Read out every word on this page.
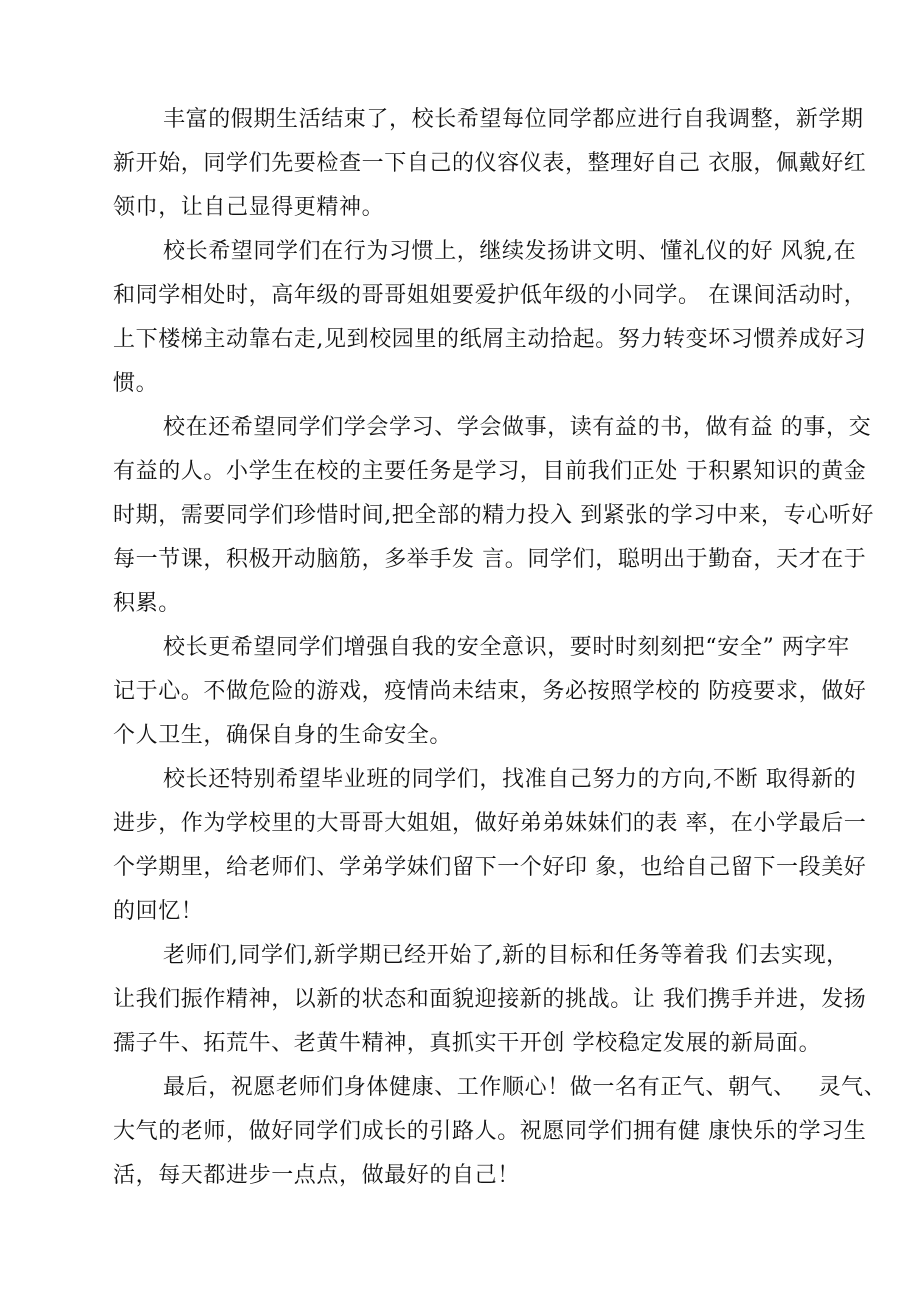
丰富的假期生活结束了，校长希望每位同学都应进行自我调整，新学期
新开始，同学们先要检查一下自己的仪容仪表，整理好自己 衣服，佩戴好红
领巾，让自己显得更精神。
校长希望同学们在行为习惯上，继续发扬讲文明、懂礼仪的好 风貌,在
和同学相处时，高年级的哥哥姐姐要爱护低年级的小同学。 在课间活动时，
上下楼梯主动靠右走,见到校园里的纸屑主动拾起。努力转变坏习惯养成好习
惯。
校在还希望同学们学会学习、学会做事，读有益的书，做有益 的事，交
有益的人。小学生在校的主要任务是学习，目前我们正处 于积累知识的黄金
时期，需要同学们珍惜时间,把全部的精力投入 到紧张的学习中来，专心听好
每一节课，积极开动脑筋，多举手发 言。同学们，聪明出于勤奋，天才在于
积累。
校长更希望同学们增强自我的安全意识，要时时刻刻把“安全” 两字牢
记于心。不做危险的游戏，疫情尚未结束，务必按照学校的 防疫要求，做好
个人卫生，确保自身的生命安全。
校长还特别希望毕业班的同学们，找准自己努力的方向,不断 取得新的
进步，作为学校里的大哥哥大姐姐，做好弟弟妹妹们的表 率，在小学最后一
个学期里，给老师们、学弟学妹们留下一个好印 象，也给自己留下一段美好
的回忆！
老师们,同学们,新学期已经开始了,新的目标和任务等着我 们去实现，
让我们振作精神，以新的状态和面貌迎接新的挑战。让 我们携手并进，发扬
孺子牛、拓荒牛、老黄牛精神，真抓实干开创 学校稳定发展的新局面。
最后，祝愿老师们身体健康、工作顺心！做一名有正气、朝气、   灵气、
大气的老师，做好同学们成长的引路人。祝愿同学们拥有健 康快乐的学习生
活，每天都进步一点点，做最好的自己！
